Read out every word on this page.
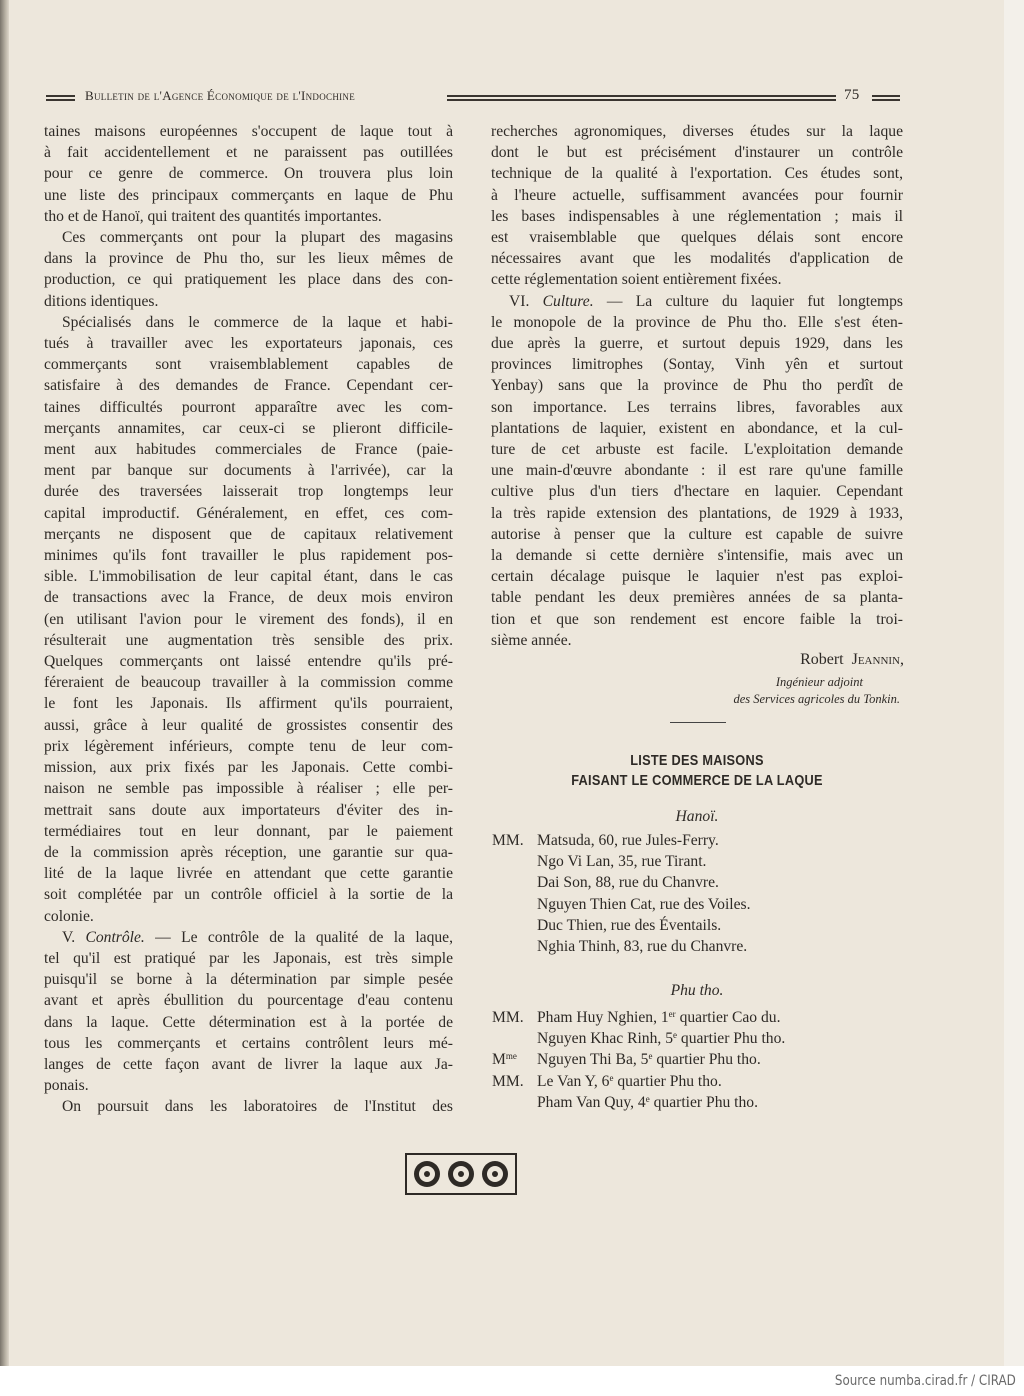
Bulletin de l'Agence Économique de l'Indochine	75
taines maisons européennes s'occupent de laque tout à
à fait accidentellement et ne paraissent pas outillées
pour ce genre de commerce. On trouvera plus loin
une liste des principaux commerçants en laque de Phu
tho et de Hanoï, qui traitent des quantités importantes.
Ces commerçants ont pour la plupart des magasins
dans la province de Phu tho, sur les lieux mêmes de
production, ce qui pratiquement les place dans des con-
ditions identiques.
Spécialisés dans le commerce de la laque et habi-
tués à travailler avec les exportateurs japonais, ces
commerçants sont vraisemblablement capables de
satisfaire à des demandes de France. Cependant cer-
taines difficultés pourront apparaître avec les com-
merçants annamites, car ceux-ci se plieront difficile-
ment aux habitudes commerciales de France (paie-
ment par banque sur documents à l'arrivée), car la
durée des traversées laisserait trop longtemps leur
capital improductif. Généralement, en effet, ces com-
merçants ne disposent que de capitaux relativement
minimes qu'ils font travailler le plus rapidement pos-
sible. L'immobilisation de leur capital étant, dans le cas
de transactions avec la France, de deux mois environ
(en utilisant l'avion pour le virement des fonds), il en
résulterait une augmentation très sensible des prix.
Quelques commerçants ont laissé entendre qu'ils pré-
féreraient de beaucoup travailler à la commission comme
le font les Japonais. Ils affirment qu'ils pourraient,
aussi, grâce à leur qualité de grossistes consentir des
prix légèrement inférieurs, compte tenu de leur com-
mission, aux prix fixés par les Japonais. Cette combi-
naison ne semble pas impossible à réaliser ; elle per-
mettrait sans doute aux importateurs d'éviter des in-
termédiaires tout en leur donnant, par le paiement
de la commission après réception, une garantie sur qua-
lité de la laque livrée en attendant que cette garantie
soit complétée par un contrôle officiel à la sortie de la
colonie.
V. Contrôle. — Le contrôle de la qualité de la laque,
tel qu'il est pratiqué par les Japonais, est très simple
puisqu'il se borne à la détermination par simple pesée
avant et après ébullition du pourcentage d'eau contenu
dans la laque. Cette détermination est à la portée de
tous les commerçants et certains contrôlent leurs mé-
langes de cette façon avant de livrer la laque aux Ja-
ponais.
On poursuit dans les laboratoires de l'Institut des
recherches agronomiques, diverses études sur la laque
dont le but est précisément d'instaurer un contrôle
technique de la qualité à l'exportation. Ces études sont,
à l'heure actuelle, suffisamment avancées pour fournir
les bases indispensables à une réglementation ; mais il
est vraisemblable que quelques délais sont encore
nécessaires avant que les modalités d'application de
cette réglementation soient entièrement fixées.
VI. Culture. — La culture du laquier fut longtemps
le monopole de la province de Phu tho. Elle s'est éten-
due après la guerre, et surtout depuis 1929, dans les
provinces limitrophes (Sontay, Vinh yên et surtout
Yenbay) sans que la province de Phu tho perdît de
son importance. Les terrains libres, favorables aux
plantations de laquier, existent en abondance, et la cul-
ture de cet arbuste est facile. L'exploitation demande
une main-d'œuvre abondante : il est rare qu'une famille
cultive plus d'un tiers d'hectare en laquier. Cependant
la très rapide extension des plantations, de 1929 à 1933,
autorise à penser que la culture est capable de suivre
la demande si cette dernière s'intensifie, mais avec un
certain décalage puisque le laquier n'est pas exploi-
table pendant les deux premières années de sa planta-
tion et que son rendement est encore faible la troi-
sième année.
Robert Jeannin,
Ingénieur adjoint
des Services agricoles du Tonkin.
LISTE DES MAISONS
FAISANT LE COMMERCE DE LA LAQUE
Hanoï.
MM. Matsuda, 60, rue Jules-Ferry.
Ngo Vi Lan, 35, rue Tirant.
Dai Son, 88, rue du Chanvre.
Nguyen Thien Cat, rue des Voiles.
Duc Thien, rue des Éventails.
Nghia Thinh, 83, rue du Chanvre.
Phu tho.
MM. Pham Huy Nghien, 1er quartier Cao du.
Nguyen Khac Rinh, 5e quartier Phu tho.
$M^{me}$ Nguyen Thi Ba, 5e quartier Phu tho.
MM. Le Van Y, 6e quartier Phu tho.
Pham Van Quy, 4e quartier Phu tho.
Source numba.cirad.fr / CIRAD
